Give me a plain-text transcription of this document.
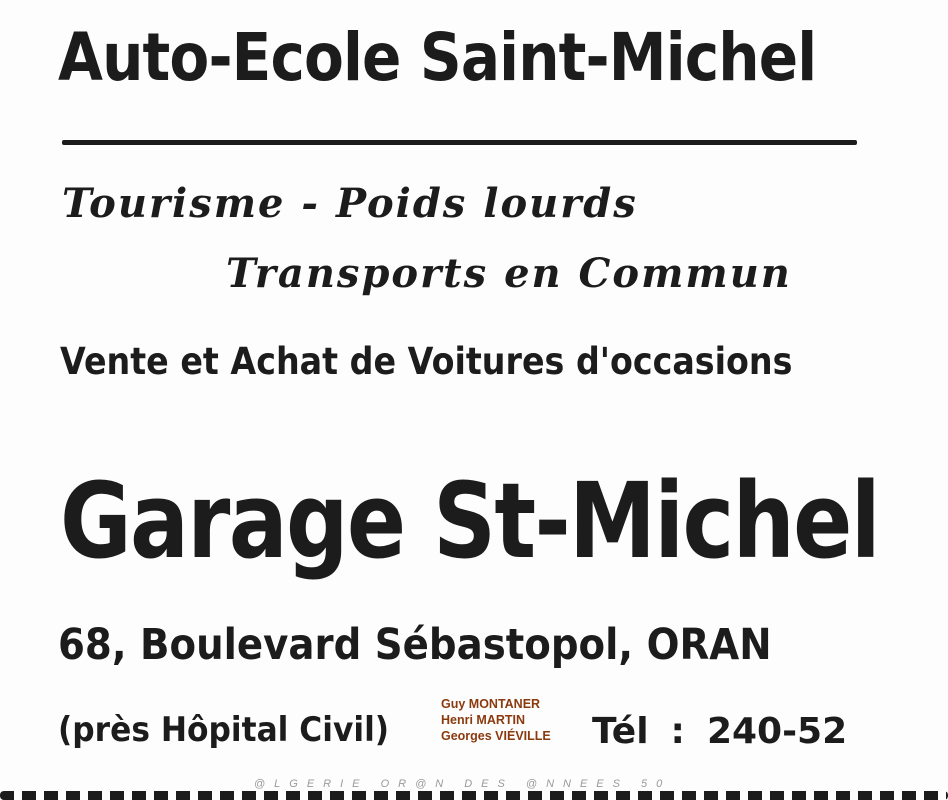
Auto-Ecole Saint-Michel

Tourisme - Poids lourds

Transports en Commun

Vente et Achat de Voitures d'occasions

Garage St-Michel

68, Boulevard Sébastopol, ORAN

(près Hôpital Civil)

Guy MONTANER
Henri MARTIN
Georges VIÉVILLE Tél : 240-52

@LGERIE OR@N DES @NNEES 50
